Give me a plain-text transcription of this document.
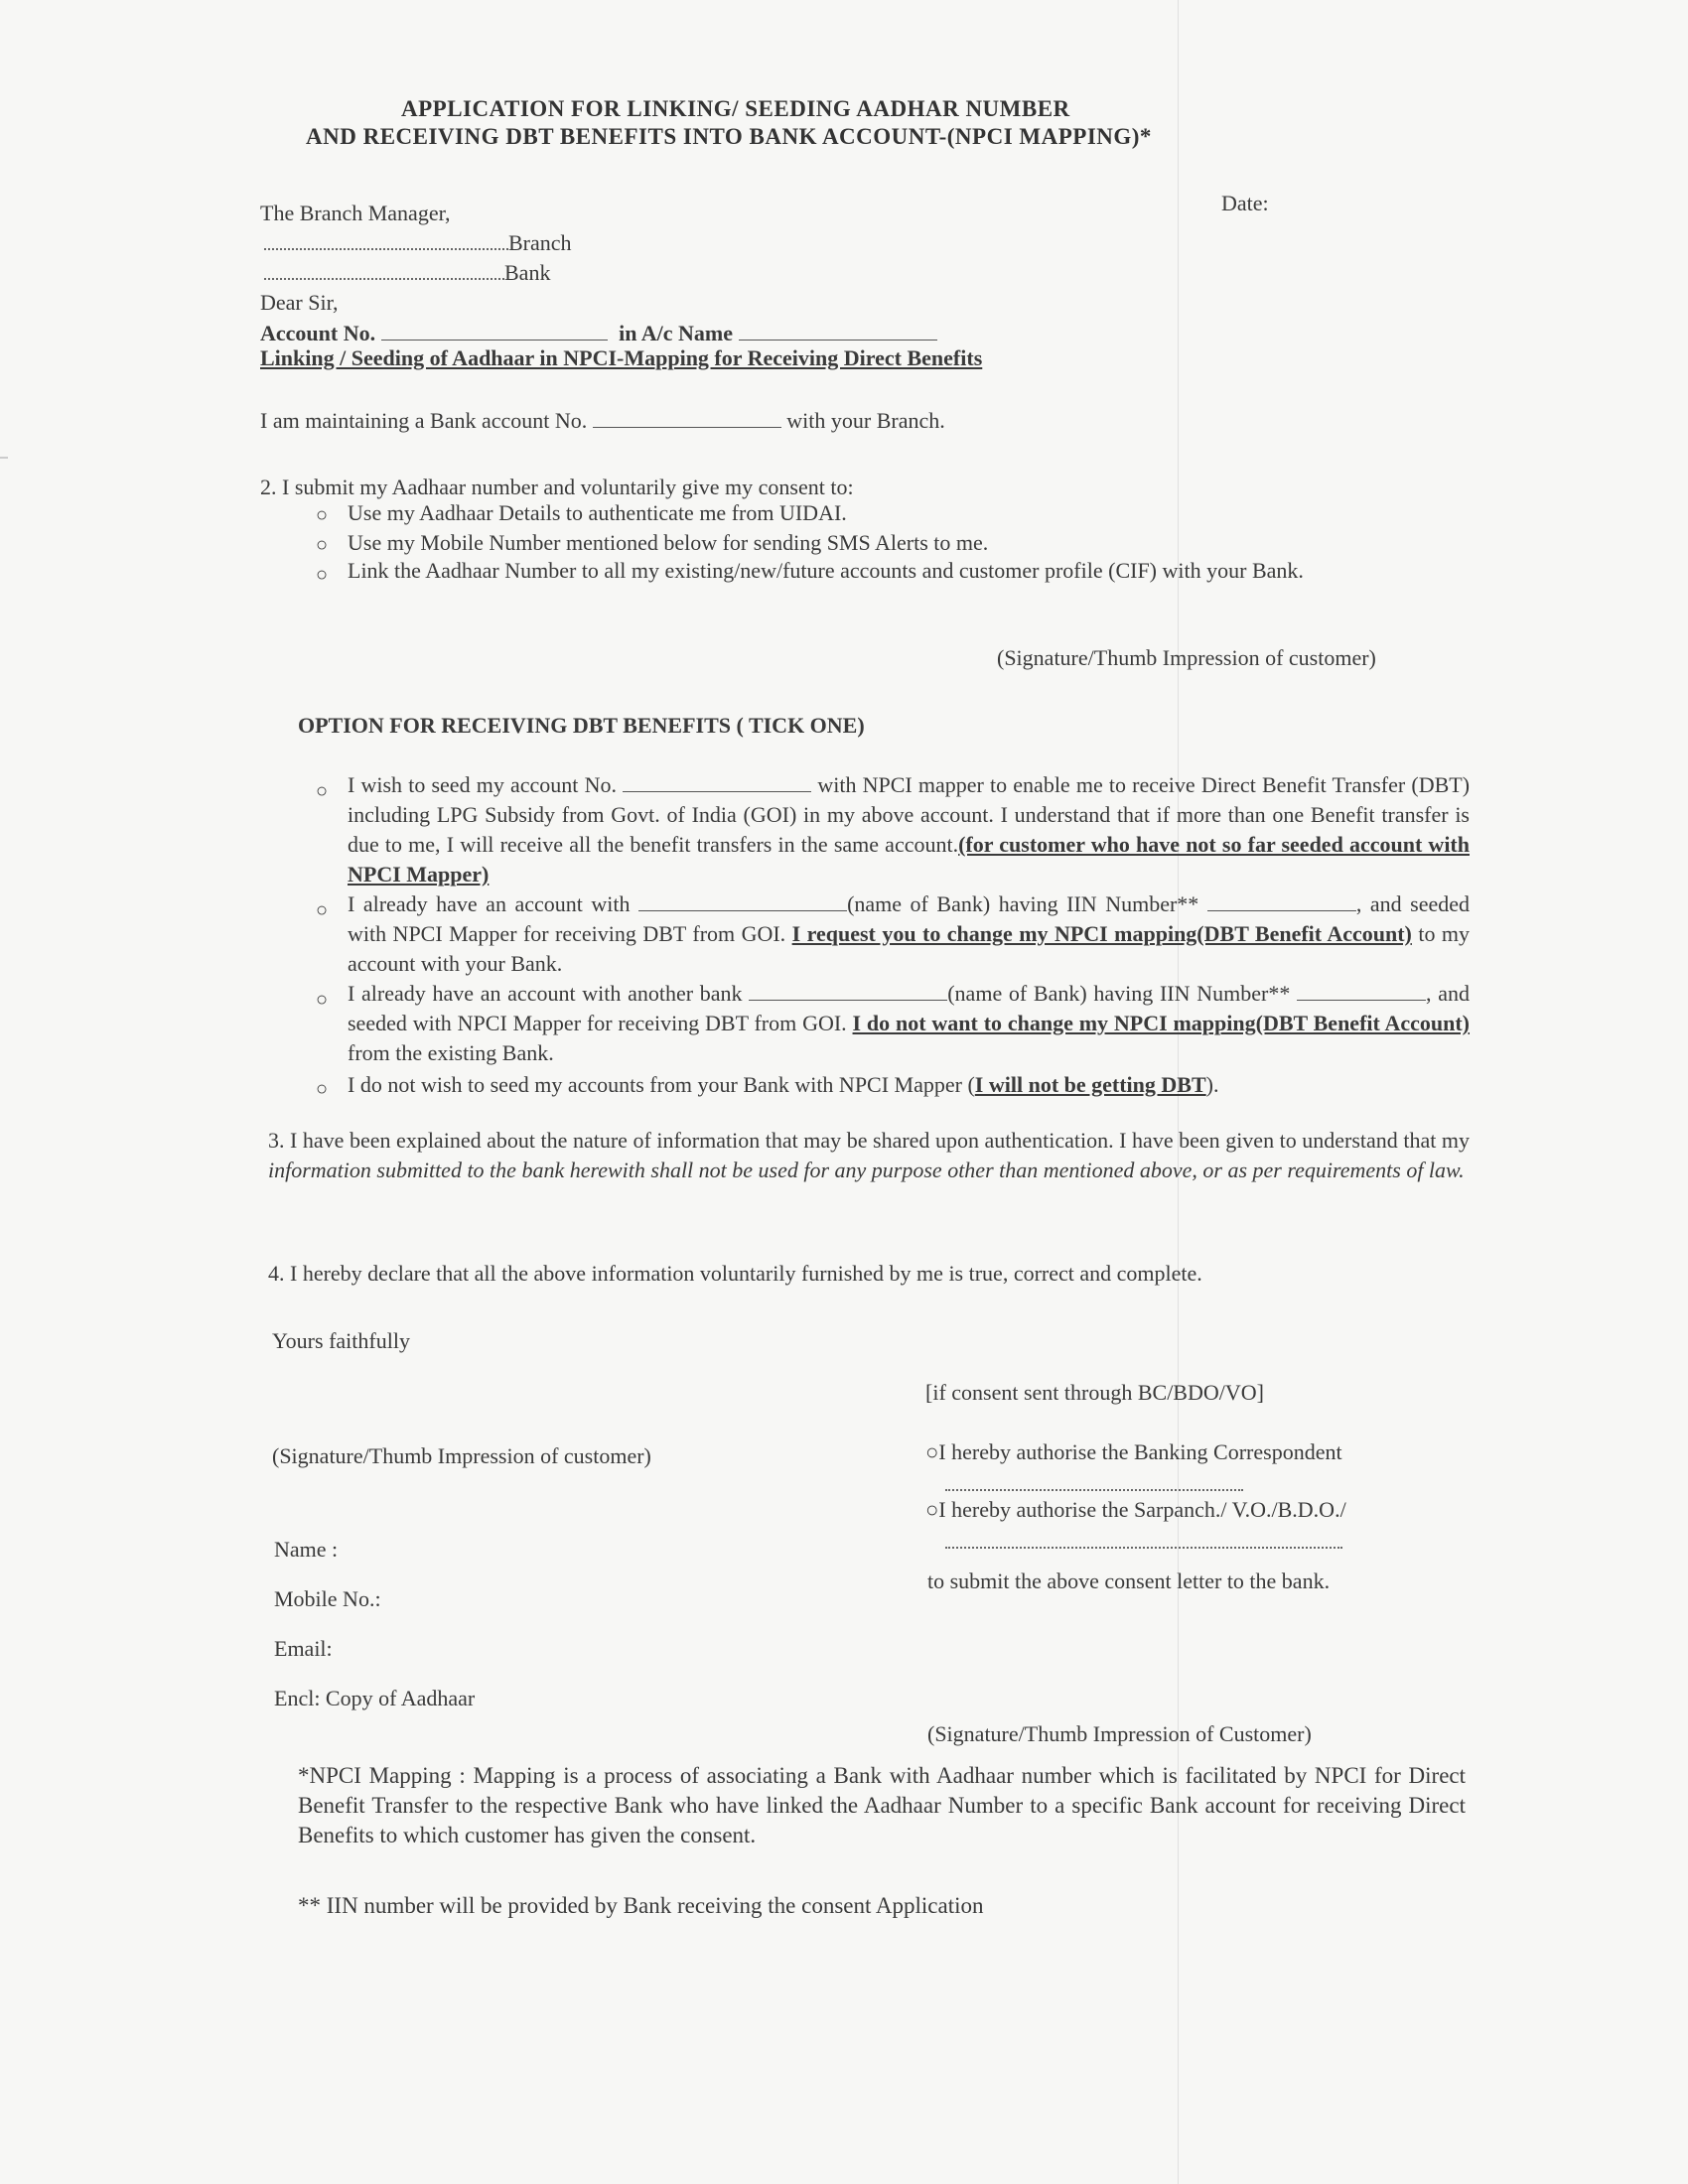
APPLICATION FOR LINKING/ SEEDING AADHAR NUMBER
AND RECEIVING DBT BENEFITS INTO BANK ACCOUNT-(NPCI MAPPING)*
The Branch Manager,	Date:
Branch
Bank
Dear Sir,
Account No.	in A/c Name
Linking / Seeding of Aadhaar in NPCI-Mapping for Receiving Direct Benefits
I am maintaining a Bank account No.	with your Branch.
2. I submit my Aadhaar number and voluntarily give my consent to:
○ Use my Aadhaar Details to authenticate me from UIDAI.
○ Use my Mobile Number mentioned below for sending SMS Alerts to me.
○ Link the Aadhaar Number to all my existing/new/future accounts and customer profile (CIF) with your Bank.
(Signature/Thumb Impression of customer)
OPTION FOR RECEIVING DBT BENEFITS ( TICK ONE)
○ I wish to seed my account No.	with NPCI mapper to enable me to receive Direct Benefit Transfer (DBT) including LPG Subsidy from Govt. of India (GOI) in my above account. I understand that if more than one Benefit transfer is due to me, I will receive all the benefit transfers in the same account.(for customer who have not so far seeded account with NPCI Mapper)
○ I already have an account with	(name of Bank) having IIN Number**	, and seeded with NPCI Mapper for receiving DBT from GOI. I request you to change my NPCI mapping(DBT Benefit Account) to my account with your Bank.
○ I already have an account with another bank	(name of Bank) having IIN Number**	, and seeded with NPCI Mapper for receiving DBT from GOI. I do not want to change my NPCI mapping(DBT Benefit Account) from the existing Bank.
○ I do not wish to seed my accounts from your Bank with NPCI Mapper (I will not be getting DBT).
3. I have been explained about the nature of information that may be shared upon authentication. I have been given to understand that my information submitted to the bank herewith shall not be used for any purpose other than mentioned above, or as per requirements of law.
4. I hereby declare that all the above information voluntarily furnished by me is true, correct and complete.
Yours faithfully
[if consent sent through BC/BDO/VO]
(Signature/Thumb Impression of customer)	○I hereby authorise the Banking Correspondent
○I hereby authorise the Sarpanch./ V.O./B.D.O./
to submit the above consent letter to the bank.
Name :
Mobile No.:
Email:
Encl: Copy of Aadhaar
(Signature/Thumb Impression of Customer)
*NPCI Mapping : Mapping is a process of associating a Bank with Aadhaar number which is facilitated by NPCI for Direct Benefit Transfer to the respective Bank who have linked the Aadhaar Number to a specific Bank account for receiving Direct Benefits to which customer has given the consent.
** IIN number will be provided by Bank receiving the consent Application
